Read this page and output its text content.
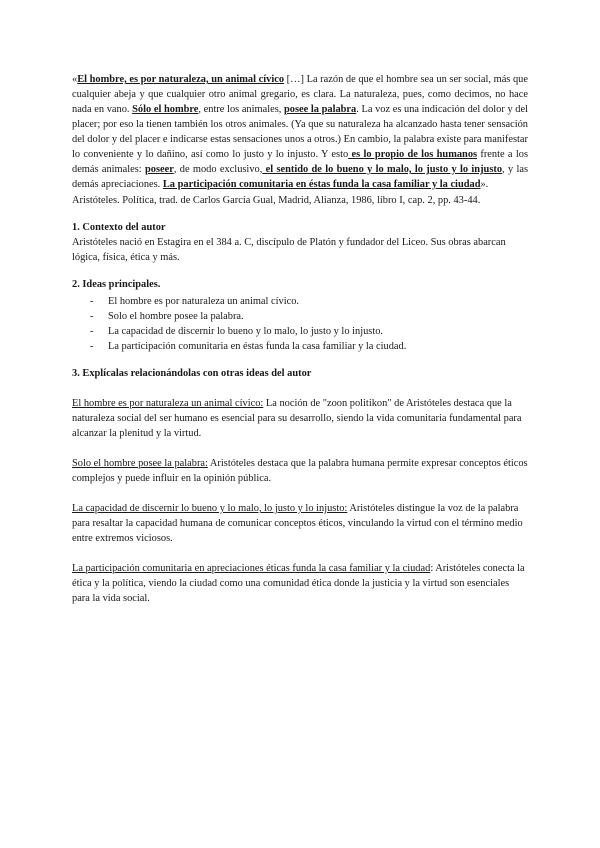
«El hombre, es por naturaleza, un animal cívico […] La razón de que el hombre sea un ser social, más que cualquier abeja y que cualquier otro animal gregario, es clara. La naturaleza, pues, como decimos, no hace nada en vano. Sólo el hombre, entre los animales, posee la palabra. La voz es una indicación del dolor y del placer; por eso la tienen también los otros animales. (Ya que su naturaleza ha alcanzado hasta tener sensación del dolor y del placer e indicarse estas sensaciones unos a otros.) En cambio, la palabra existe para manifestar lo conveniente y lo dañino, así como lo justo y lo injusto. Y esto es lo propio de los humanos frente a los demás animales: poseer, de modo exclusivo, el sentido de lo bueno y lo malo, lo justo y lo injusto, y las demás apreciaciones. La participación comunitaria en éstas funda la casa familiar y la ciudad».

Aristóteles. Política, trad. de Carlos García Gual, Madrid, Alianza, 1986, libro I, cap. 2, pp. 43-44.

1. Contexto del autor

Aristóteles nació en Estagira en el 384 a. C, discípulo de Platón y fundador del Liceo. Sus obras abarcan lógica, física, ética y más.

2. Ideas principales.

- El hombre es por naturaleza un animal cívico.
- Solo el hombre posee la palabra.
- La capacidad de discernir lo bueno y lo malo, lo justo y lo injusto.
- La participación comunitaria en éstas funda la casa familiar y la ciudad.

3. Explícalas relacionándolas con otras ideas del autor

El hombre es por naturaleza un animal cívico: La noción de "zoon politikon" de Aristóteles destaca que la naturaleza social del ser humano es esencial para su desarrollo, siendo la vida comunitaria fundamental para alcanzar la plenitud y la virtud.

Solo el hombre posee la palabra: Aristóteles destaca que la palabra humana permite expresar conceptos éticos complejos y puede influir en la opinión pública.

La capacidad de discernir lo bueno y lo malo, lo justo y lo injusto: Aristóteles distingue la voz de la palabra para resaltar la capacidad humana de comunicar conceptos éticos, vinculando la virtud con el término medio entre extremos viciosos.

La participación comunitaria en apreciaciones éticas funda la casa familiar y la ciudad: Aristóteles conecta la ética y la política, viendo la ciudad como una comunidad ética donde la justicia y la virtud son esenciales para la vida social.
